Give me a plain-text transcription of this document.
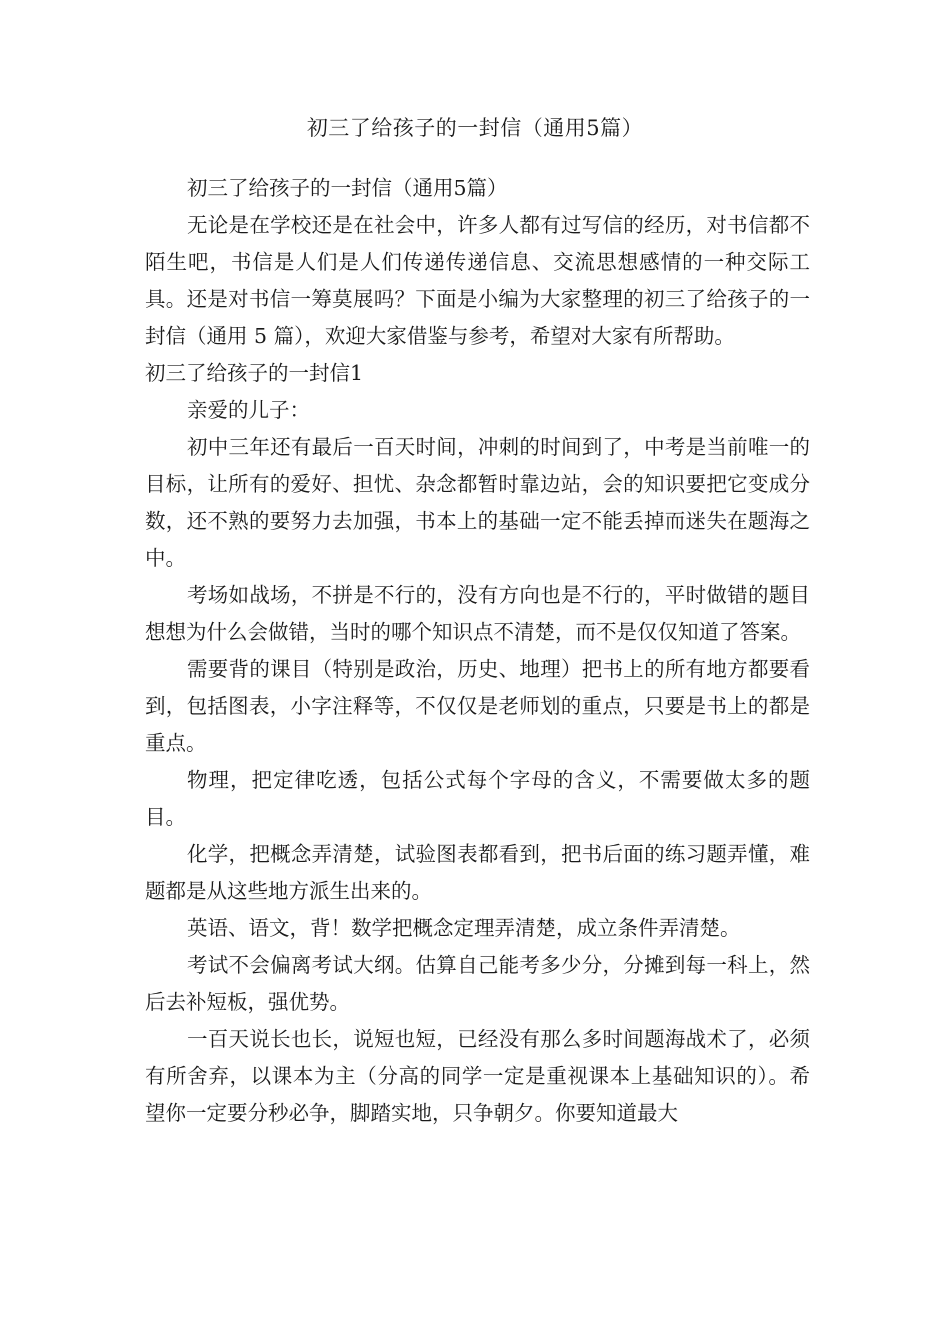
初三了给孩子的一封信（通用5篇）

初三了给孩子的一封信（通用5篇）

无论是在学校还是在社会中，许多人都有过写信的经历，对书信都不陌生吧，书信是人们是人们传递传递信息、交流思想感情的一种交际工具。还是对书信一筹莫展吗？下面是小编为大家整理的初三了给孩子的一封信（通用 5 篇），欢迎大家借鉴与参考，希望对大家有所帮助。

初三了给孩子的一封信1

亲爱的儿子：

初中三年还有最后一百天时间，冲刺的时间到了，中考是当前唯一的目标，让所有的爱好、担忧、杂念都暂时靠边站，会的知识要把它变成分数，还不熟的要努力去加强，书本上的基础一定不能丢掉而迷失在题海之中。

考场如战场，不拼是不行的，没有方向也是不行的，平时做错的题目想想为什么会做错，当时的哪个知识点不清楚，而不是仅仅知道了答案。

需要背的课目（特别是政治，历史、地理）把书上的所有地方都要看到，包括图表，小字注释等，不仅仅是老师划的重点，只要是书上的都是重点。

物理，把定律吃透，包括公式每个字母的含义，不需要做太多的题目。

化学，把概念弄清楚，试验图表都看到，把书后面的练习题弄懂，难题都是从这些地方派生出来的。

英语、语文，背！数学把概念定理弄清楚，成立条件弄清楚。

考试不会偏离考试大纲。估算自己能考多少分，分摊到每一科上，然后去补短板，强优势。

一百天说长也长，说短也短，已经没有那么多时间题海战术了，必须有所舍弃，以课本为主（分高的同学一定是重视课本上基础知识的）。希望你一定要分秒必争，脚踏实地，只争朝夕。你要知道最大
